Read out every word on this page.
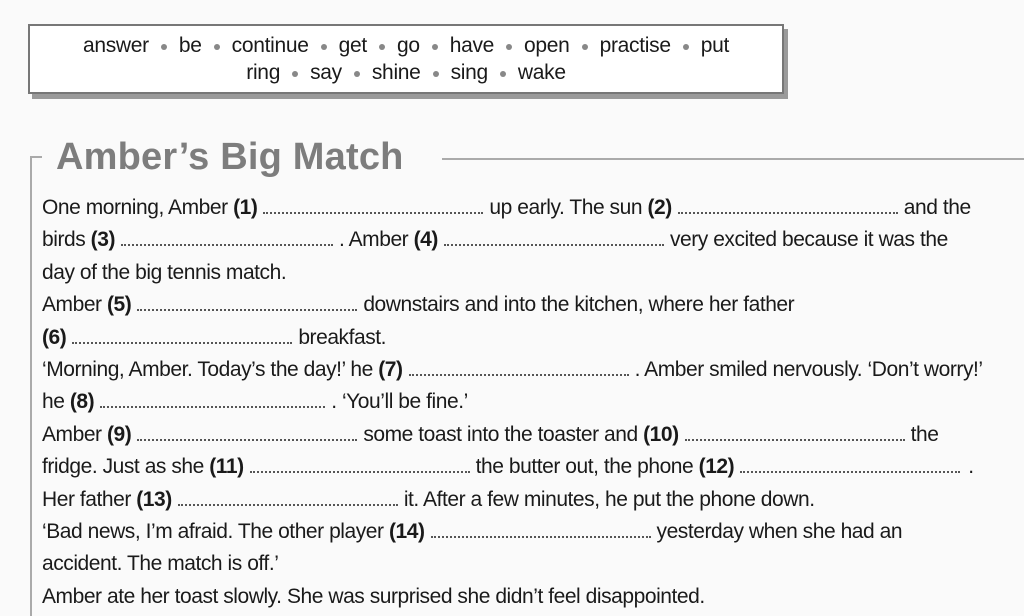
answer be continue get go have open practise put
ring say shine sing wake
Amber’s Big Match
One morning, Amber (1)	up early. The sun (2)	and the
birds (3)	. Amber (4)	very excited because it was the
day of the big tennis match.
Amber (5)	downstairs and into the kitchen, where her father
(6)	breakfast.
‘Morning, Amber. Today’s the day!’ he (7)	. Amber smiled nervously. ‘Don’t worry!’
he (8)	. ‘You’ll be fine.’
Amber (9)	some toast into the toaster and (10)	the
fridge. Just as she (11)	the butter out, the phone (12)	.
Her father (13)	it. After a few minutes, he put the phone down.
‘Bad news, I’m afraid. The other player (14)	yesterday when she had an
accident. The match is off.’
Amber ate her toast slowly. She was surprised she didn’t feel disappointed.
